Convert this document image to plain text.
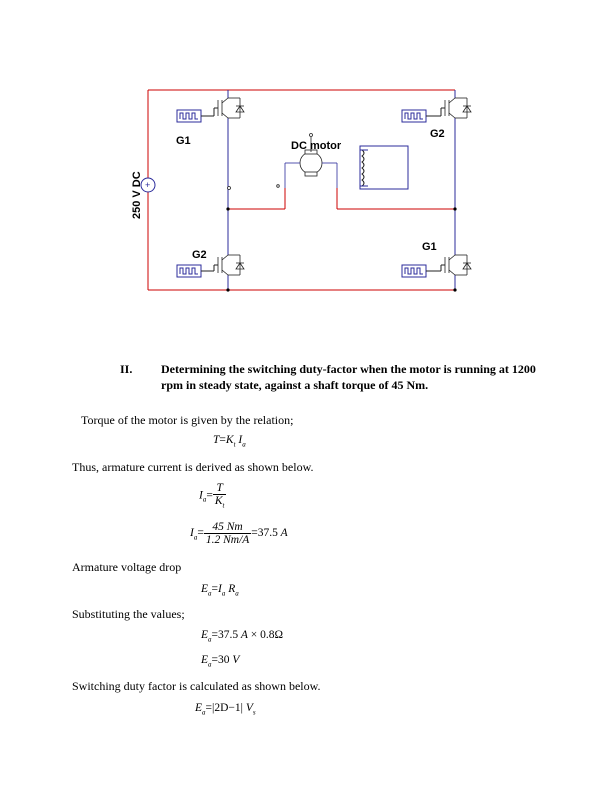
+
250 V DC
DC motor
G1
G2
G2
G1
II. Determining the switching duty-factor when the motor is running at 1200
rpm in steady state, against a shaft torque of 45 Nm.
Torque of the motor is given by the relation;
$T=K_t$ $I_a$
Thus, armature current is derived as shown below.
$I_a= \frac{T}{K_t}$
$I_a= \frac{45 Nm}{1.2 Nm/A} =37.5$ A
Armature voltage drop
$E_a=I_a$ $R_a$
Substituting the values;
$E_a=37.5$ A × 0.8Ω
$E_a=30$ V
Switching duty factor is calculated as shown below.
$E_a=|2D-1|$ $V_s$
